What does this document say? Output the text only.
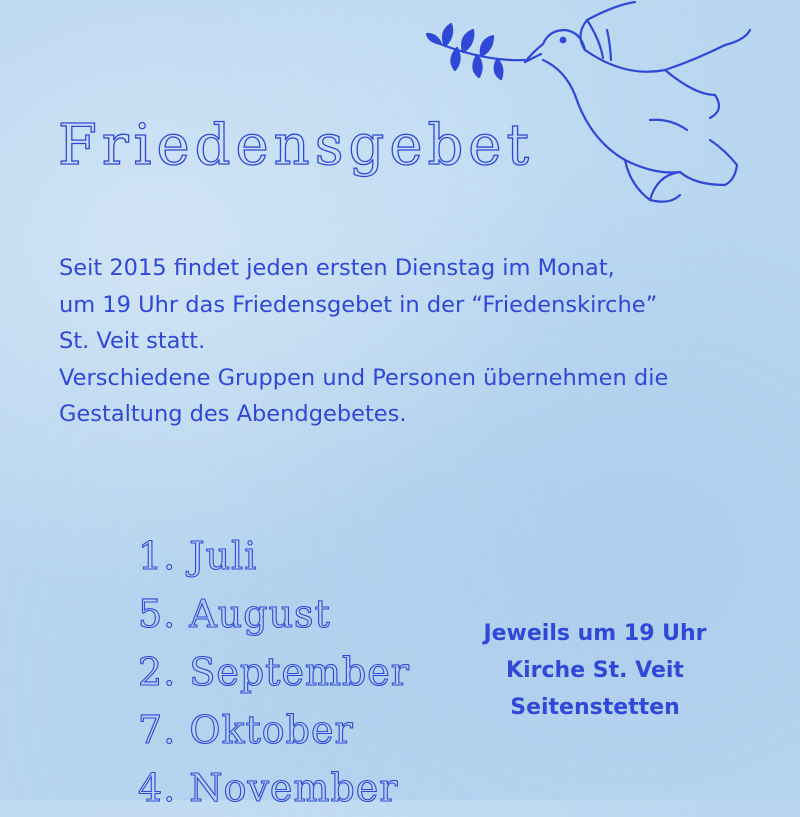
Friedensgebet
Seit 2015 findet jeden ersten Dienstag im Monat,
um 19 Uhr das Friedensgebet in der “Friedenskirche”
St. Veit statt.
Verschiedene Gruppen und Personen übernehmen die
Gestaltung des Abendgebetes.
1. Juli
5. August
2. September
7. Oktober
4. November
Jeweils um 19 Uhr
Kirche St. Veit
Seitenstetten
